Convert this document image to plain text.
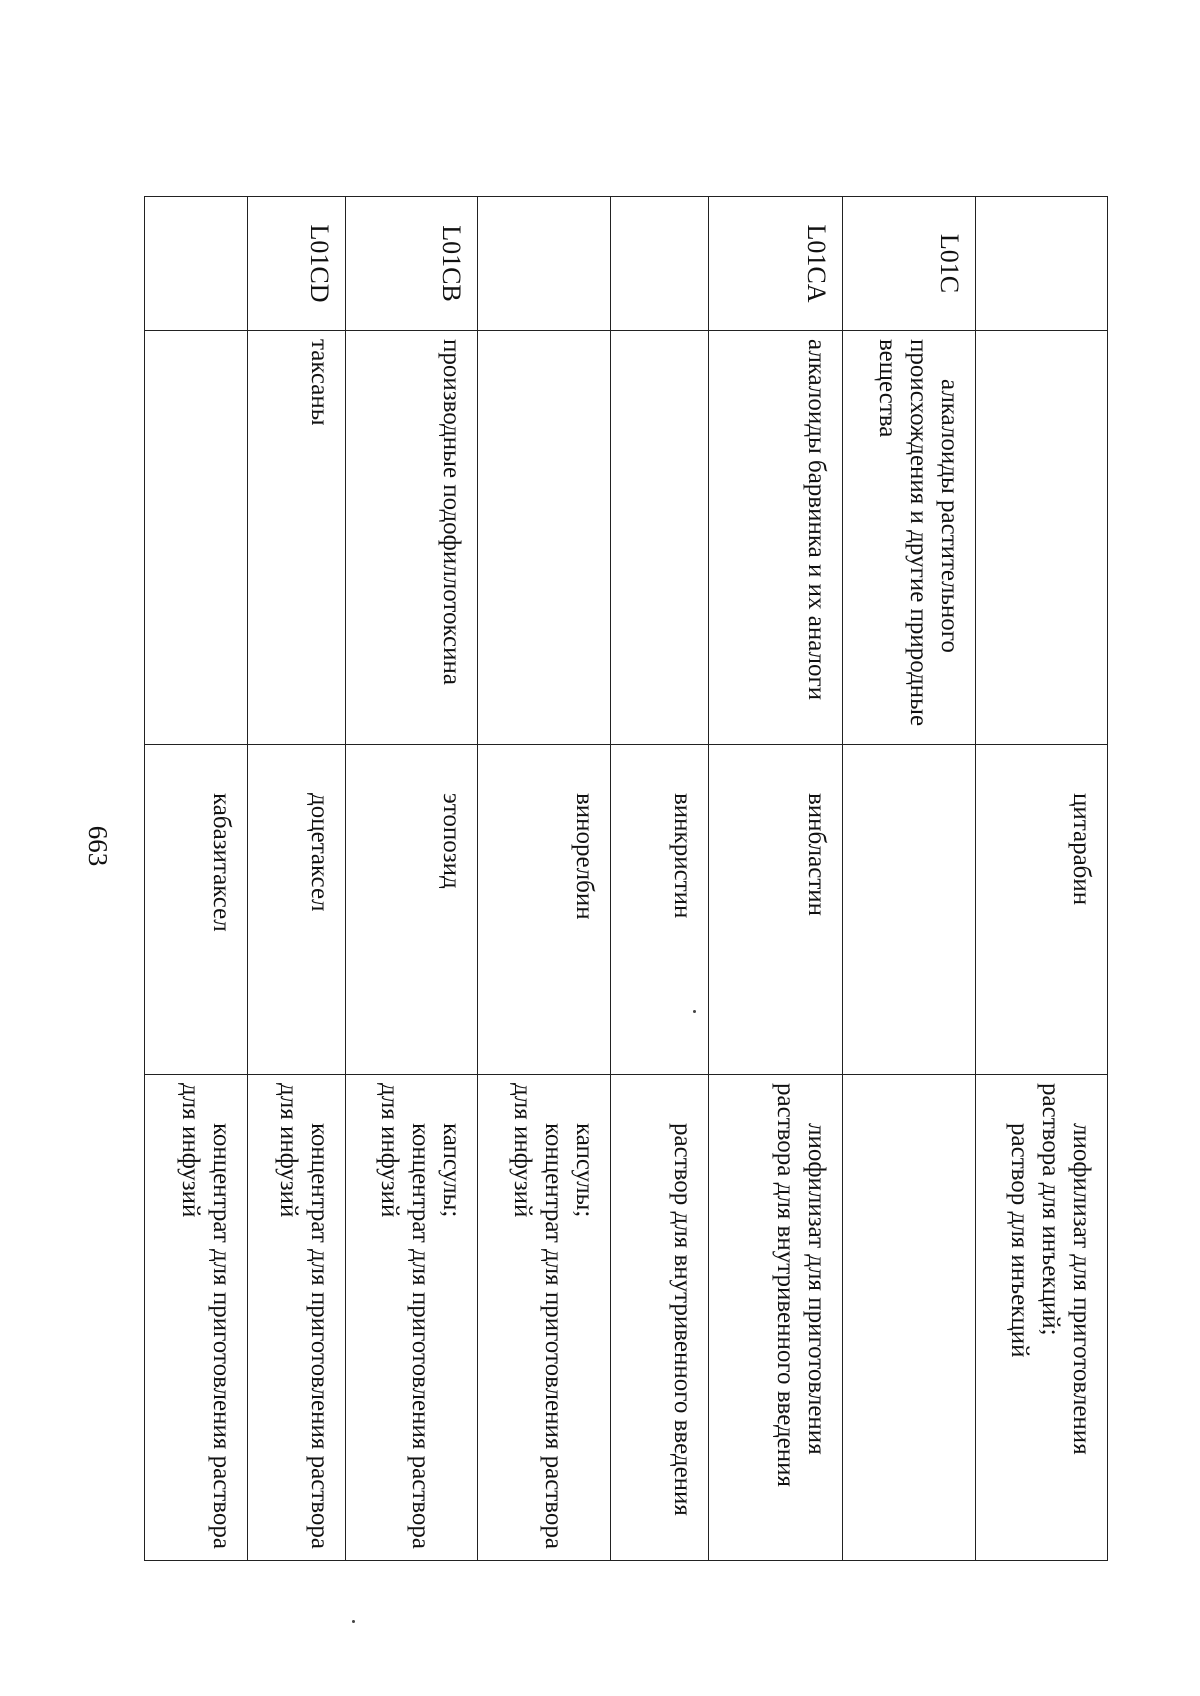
663
			цитарабин	лиофилизат для приготовления раствора для инъекций;
раствор для инъекций

L01C	алкалоиды растительного происхождения и другие природные вещества		
L01CA	алкалоиды барвинка и их аналоги	винбластин	лиофилизат для приготовления раствора для внутривенного введения
		винкристин	раствор для внутривенного введения
		винорелбин	капсулы;
концентрат для приготовления раствора для инфузий

L01CB	производные подофиллотоксина	этопозид	капсулы;
концентрат для приготовления раствора для инфузий

L01CD	таксаны	доцетаксел	концентрат для приготовления раствора для инфузий
		кабазитаксел	концентрат для приготовления раствора для инфузий
